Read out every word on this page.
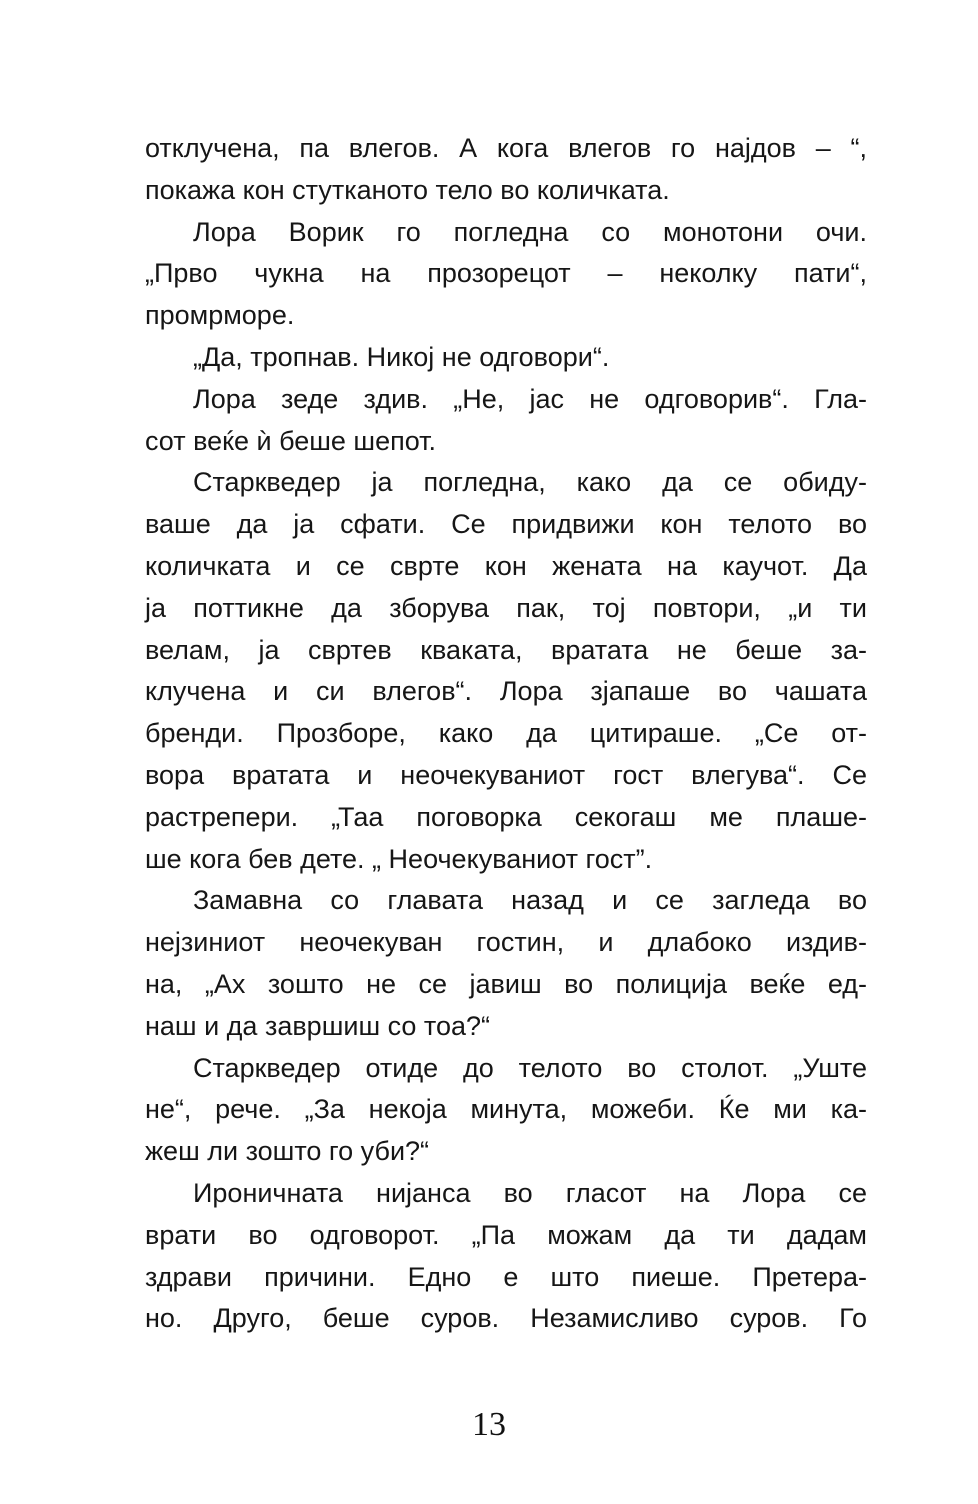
отклучена, па влегов. А кога влегов го најдов – “,
покажа кон стутканото тело во количката.
Лора Ворик го погледна со монотони очи.
„Прво чукна на прозорецот – неколку пати“,
промрморе.
„Да, тропнав. Никој не одговори“.
Лора зеде здив. „Не, јас не одговорив“. Гла-
сот веќе ѝ беше шепот.
Старкведер ја погледна, како да се обиду-
ваше да ја сфати. Се придвижи кон телото во
количката и се сврте кон жената на каучот. Да
ја поттикне да зборува пак, тој повтори, „и ти
велам, ја свртев кваката, вратата не беше за-
клучена и си влегов“. Лора зјапаше во чашата
бренди. Прозборе, како да цитираше. „Се от-
вора вратата и неочекуваниот гост влегува“. Се
растрепери. „Таа поговорка секогаш ме плаше-
ше кога бев дете. „ Неочекуваниот гост”.
Замавна со главата назад и се загледа во
нејзиниот неочекуван гостин, и длабоко издив-
на, „Ах зошто не се јавиш во полиција веќе ед-
наш и да завршиш со тоа?“
Старкведер отиде до телото во столот. „Уште
не“, рече. „За некоја минута, можеби. Ќе ми ка-
жеш ли зошто го уби?“
Ироничната нијанса во гласот на Лора се
врати во одговорот. „Па можам да ти дадам
здрави причини. Едно е што пиеше. Претера-
но. Друго, беше суров. Незамисливо суров. Го
13
